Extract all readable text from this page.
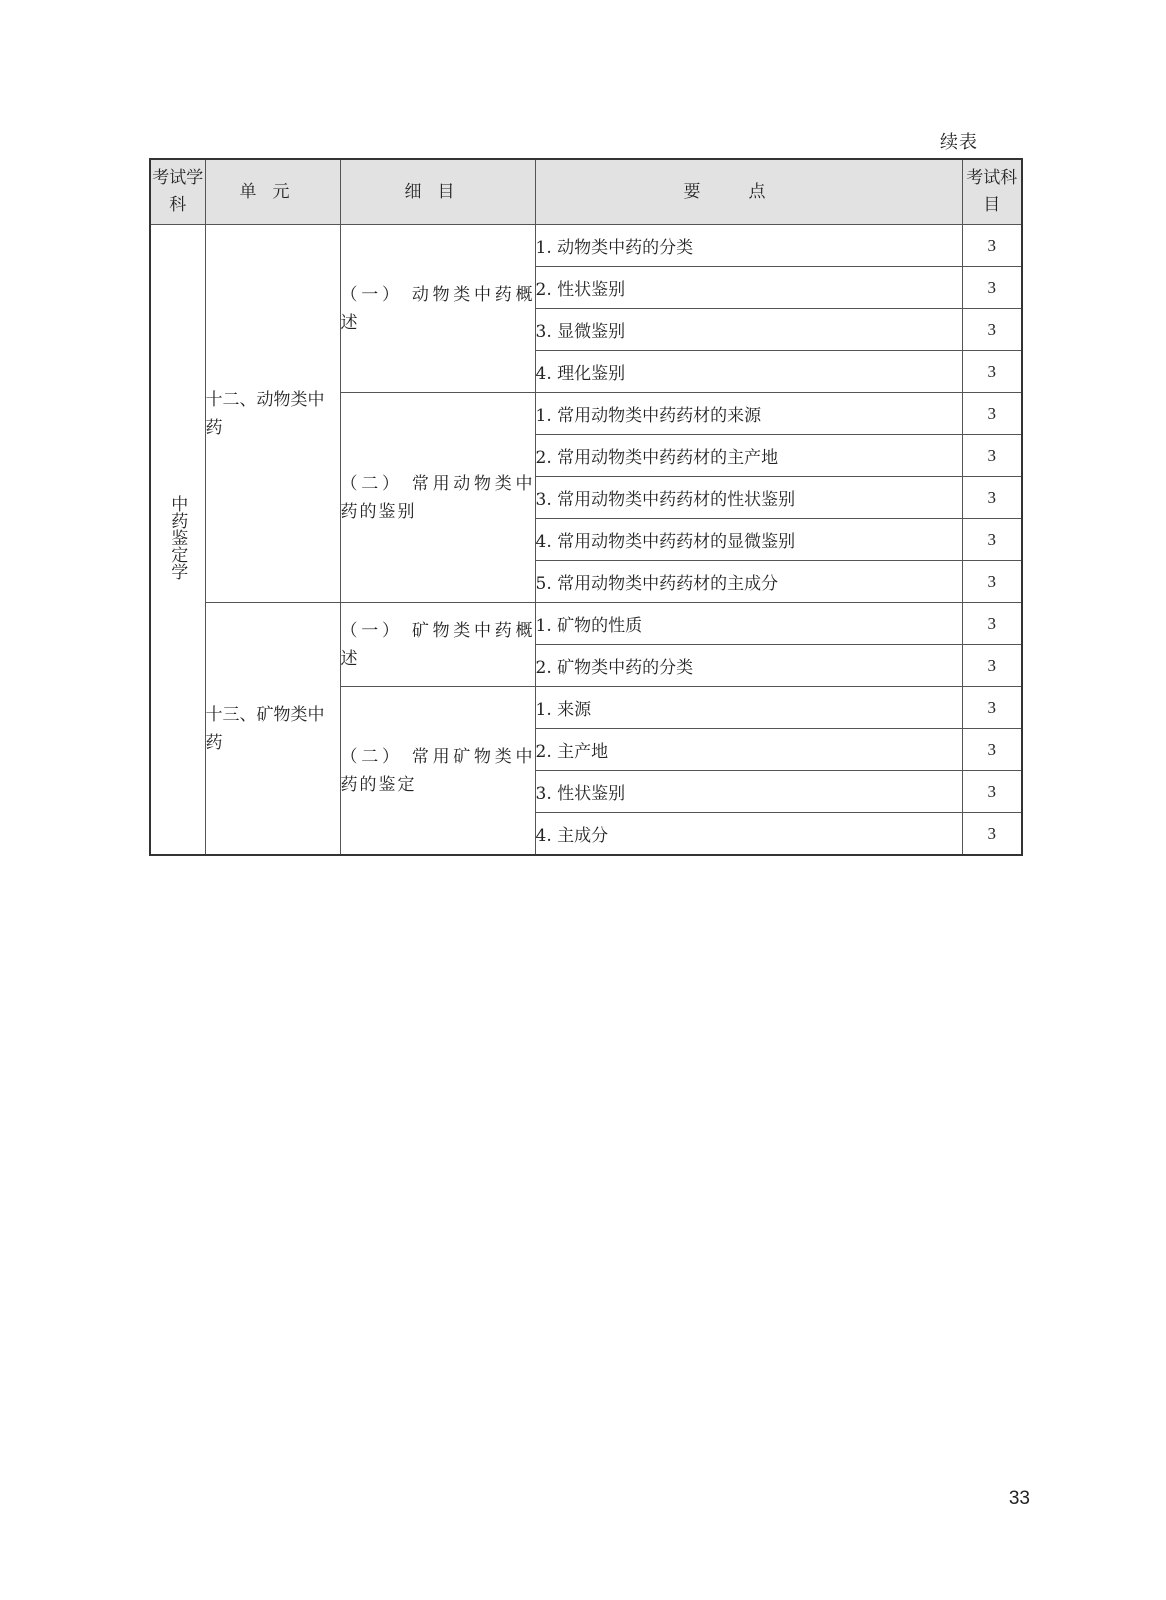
续表
考试学科	单元	细目	要点	考试科目
中药鉴定学	十二、动物类中药	（一） 动物类中药概述	1. 动物类中药的分类	3
			2. 性状鉴别	3
			3. 显微鉴别	3
			4. 理化鉴别	3
		（二） 常用动物类中药的鉴别	1. 常用动物类中药药材的来源	3
			2. 常用动物类中药药材的主产地	3
			3. 常用动物类中药药材的性状鉴别	3
			4. 常用动物类中药药材的显微鉴别	3
			5. 常用动物类中药药材的主成分	3
	十三、矿物类中药	（一） 矿物类中药概述	1. 矿物的性质	3
			2. 矿物类中药的分类	3
		（二） 常用矿物类中药的鉴定	1. 来源	3
			2. 主产地	3
			3. 性状鉴别	3
			4. 主成分	3
33
